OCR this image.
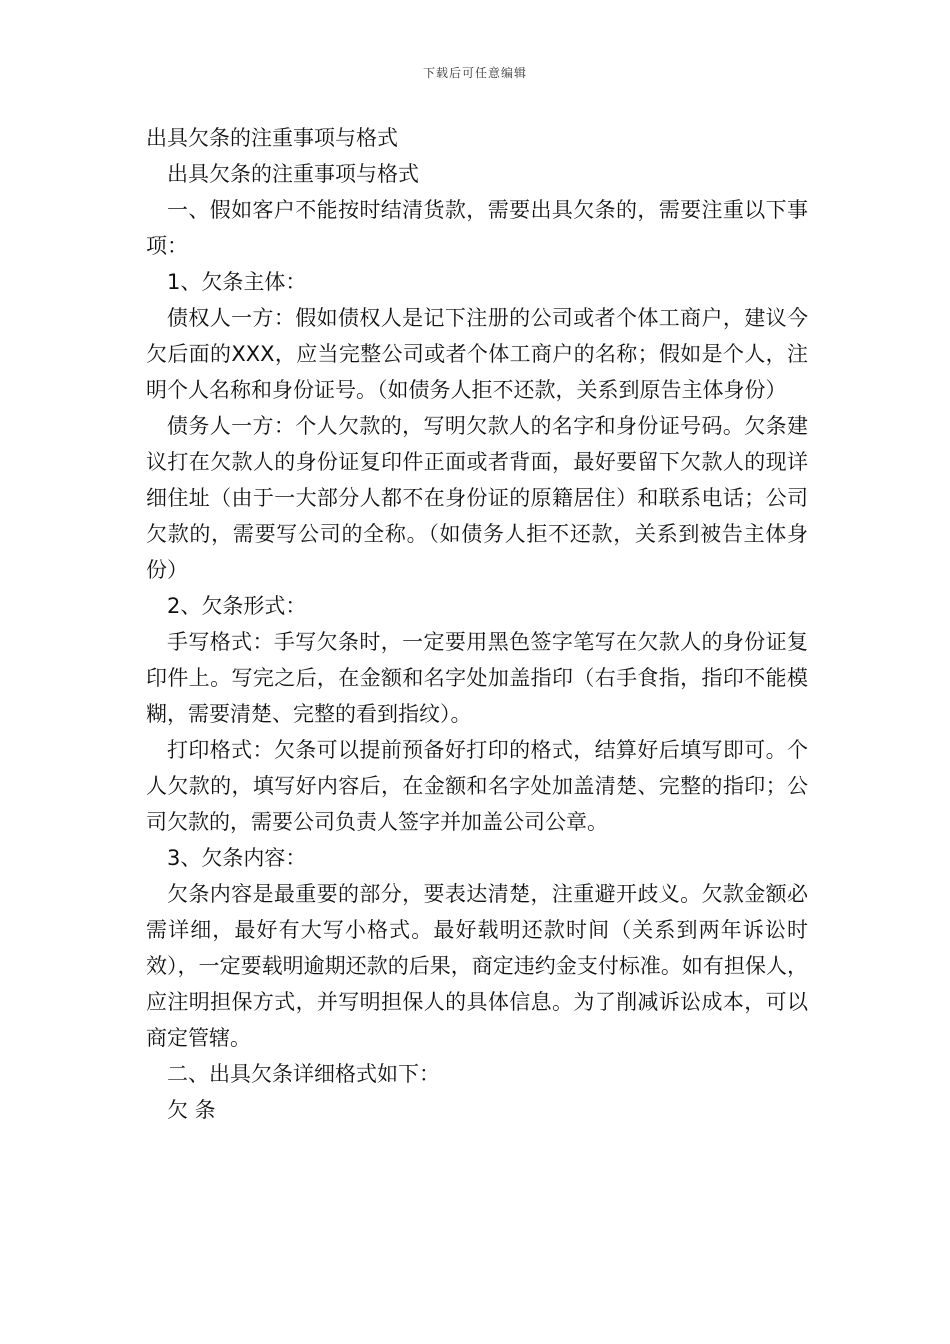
下载后可任意编辑

出具欠条的注重事项与格式

出具欠条的注重事项与格式

一、假如客户不能按时结清货款，需要出具欠条的，需要注重以下事项：

1、欠条主体：

债权人一方：假如债权人是记下注册的公司或者个体工商户，建议今欠后面的XXX，应当完整公司或者个体工商户的名称；假如是个人，注明个人名称和身份证号。（如债务人拒不还款，关系到原告主体身份）

债务人一方：个人欠款的，写明欠款人的名字和身份证号码。欠条建议打在欠款人的身份证复印件正面或者背面，最好要留下欠款人的现详细住址（由于一大部分人都不在身份证的原籍居住）和联系电话；公司欠款的，需要写公司的全称。（如债务人拒不还款，关系到被告主体身份）

2、欠条形式：

手写格式：手写欠条时，一定要用黑色签字笔写在欠款人的身份证复印件上。写完之后，在金额和名字处加盖指印（右手食指，指印不能模糊，需要清楚、完整的看到指纹）。

打印格式：欠条可以提前预备好打印的格式，结算好后填写即可。个人欠款的，填写好内容后，在金额和名字处加盖清楚、完整的指印；公司欠款的，需要公司负责人签字并加盖公司公章。

3、欠条内容：

欠条内容是最重要的部分，要表达清楚，注重避开歧义。欠款金额必需详细，最好有大写小格式。最好载明还款时间（关系到两年诉讼时效），一定要载明逾期还款的后果，商定违约金支付标准。如有担保人，应注明担保方式，并写明担保人的具体信息。为了削减诉讼成本，可以商定管辖。

二、出具欠条详细格式如下：

欠 条
